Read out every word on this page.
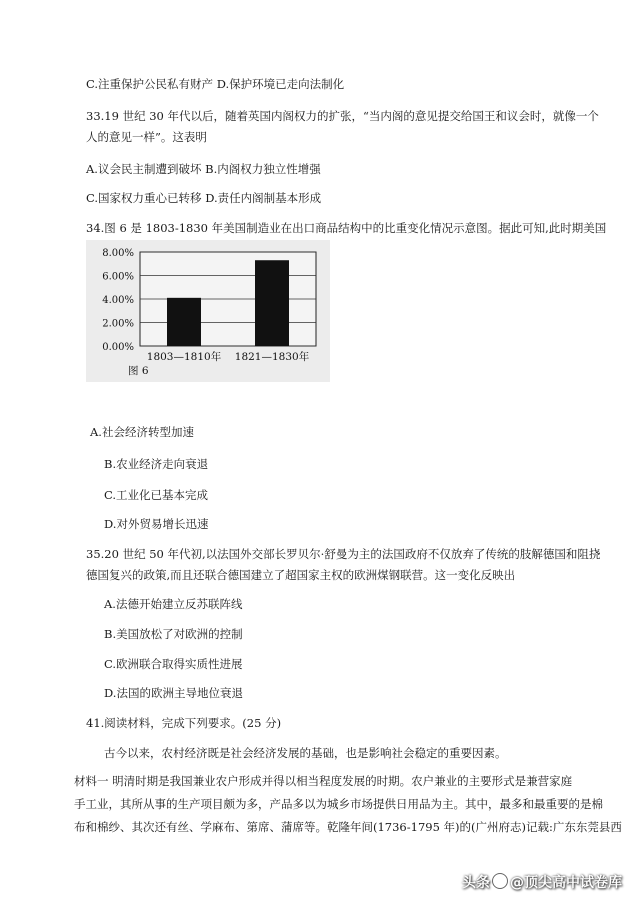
C.注重保护公民私有财产 D.保护环境已走向法制化
33.19 世纪 30 年代以后，随着英国内阁权力的扩张，“当内阁的意见提交给国王和议会时，就像一个
人的意见一样”。这表明
A.议会民主制遭到破坏 B.内阁权力独立性增强
C.国家权力重心已转移 D.责任内阁制基本形成
34.图 6 是 1803-1830 年美国制造业在出口商品结构中的比重变化情况示意图。据此可知,此时期美国
0.00%
2.00%
4.00%
6.00%
8.00%
1803—1810年 1821—1830年
图 6
A.社会经济转型加速
B.农业经济走向衰退
C.工业化已基本完成
D.对外贸易增长迅速
35.20 世纪 50 年代初,以法国外交部长罗贝尔·舒曼为主的法国政府不仅放弃了传统的肢解德国和阻挠
德国复兴的政策,而且还联合德国建立了超国家主权的欧洲煤钢联营。这一变化反映出
A.法德开始建立反苏联阵线
B.美国放松了对欧洲的控制
C.欧洲联合取得实质性进展
D.法国的欧洲主导地位衰退
41.阅读材料，完成下列要求。(25 分)
古今以来，农村经济既是社会经济发展的基础，也是影响社会稳定的重要因素。
材料一 明清时期是我国兼业农户形成并得以相当程度发展的时期。农户兼业的主要形式是兼营家庭
手工业，其所从事的生产项目颇为多，产品多以为城乡市场提供日用品为主。其中，最多和最重要的是棉
布和棉纱、其次还有丝、学麻布、第席、蒲席等。乾隆年间(1736-1795 年)的(广州府志)记载:广东东莞县西
头条 @顶尖高中试卷库
